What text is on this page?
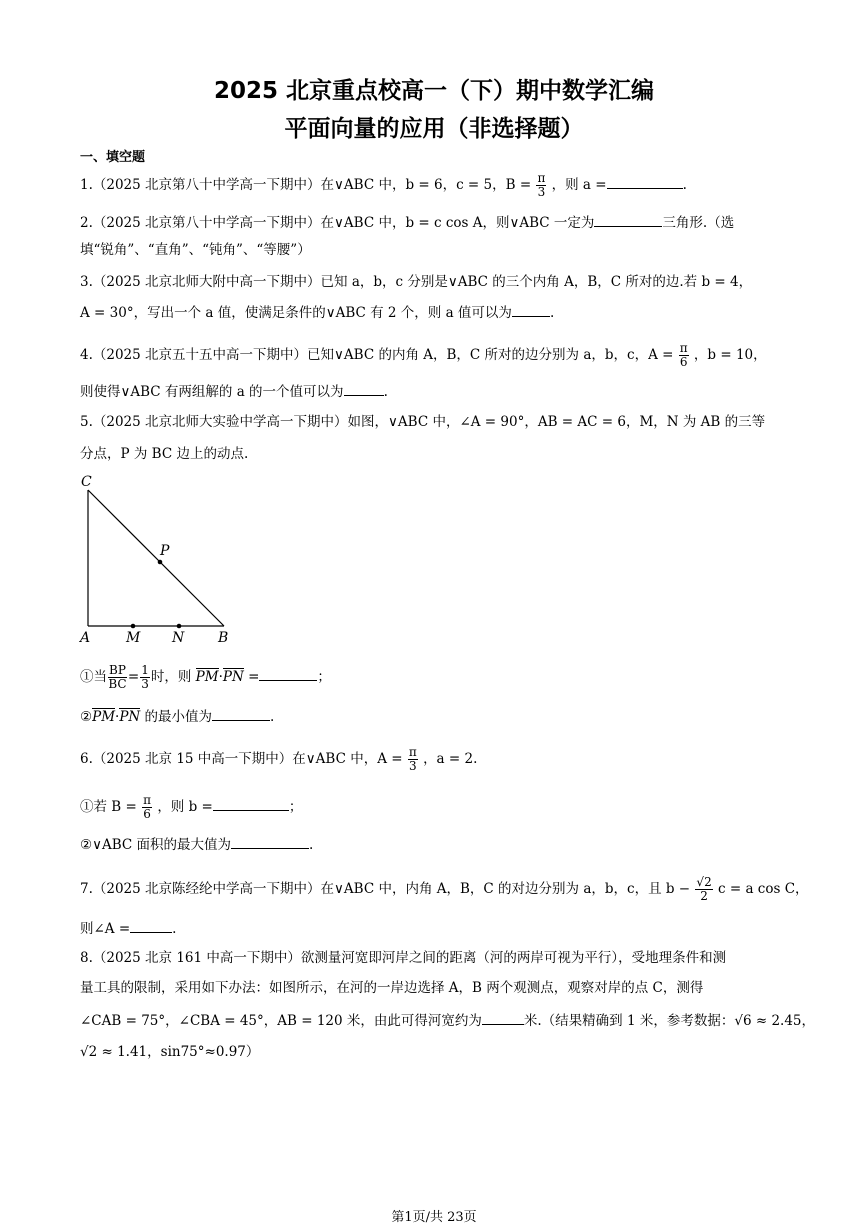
2025 北京重点校高一（下）期中数学汇编
平面向量的应用（非选择题）
一、填空题
1.（2025 北京第八十中学高一下期中）在∨ABC 中，b = 6，c = 5，$B = \frac{\pi}{3}$ ，则 a =	.
2.（2025 北京第八十中学高一下期中）在∨ABC 中，b = c cos A，则∨ABC 一定为	三角形.（选
填“锐角”、“直角”、“钝角”、“等腰”）
3.（2025 北京北师大附中高一下期中）已知 a，b，c 分别是∨ABC 的三个内角 A，B，C 所对的边.若 b = 4，
A = 30°，写出一个 a 值，使满足条件的∨ABC 有 2 个，则 a 值可以为	.
4.（2025 北京五十五中高一下期中）已知∨ABC 的内角 A，B，C 所对的边分别为 a，b，c，$A = \frac{\pi}{6}$ ，b = 10，
则使得∨ABC 有两组解的 a 的一个值可以为	.
5.（2025 北京北师大实验中学高一下期中）如图，∨ABC 中，∠A = 90°，AB = AC = 6，M，N 为 AB 的三等
分点，P 为 BC 边上的动点.
C
P
A	M N B
①当 $\frac{BP}{BC} = \frac{1}{3}$ 时，则 PM·PN =	；
②PM·PN 的最小值为	.
6.（2025 北京 15 中高一下期中）在∨ABC 中，$A = \frac{\pi}{3}$ ，a = 2.
①若 $B = \frac{\pi}{6}$ ，则 b =	；
②∨ABC 面积的最大值为	.
7.（2025 北京陈经纶中学高一下期中）在∨ABC 中，内角 A，B，C 的对边分别为 a，b，c，且 $b - \frac{√2}{2}$ c = a cos C，
则∠A =	.
8.（2025 北京 161 中高一下期中）欲测量河宽即河岸之间的距离（河的两岸可视为平行），受地理条件和测
量工具的限制，采用如下办法：如图所示，在河的一岸边选择 A，B 两个观测点，观察对岸的点 C，测得
∠CAB = 75°，∠CBA = 45°，AB = 120 米，由此可得河宽约为	米.（结果精确到 1 米，参考数据：√6 ≈ 2.45，
√2 ≈ 1.41，sin75°≈0.97）
第1页/共 23页
